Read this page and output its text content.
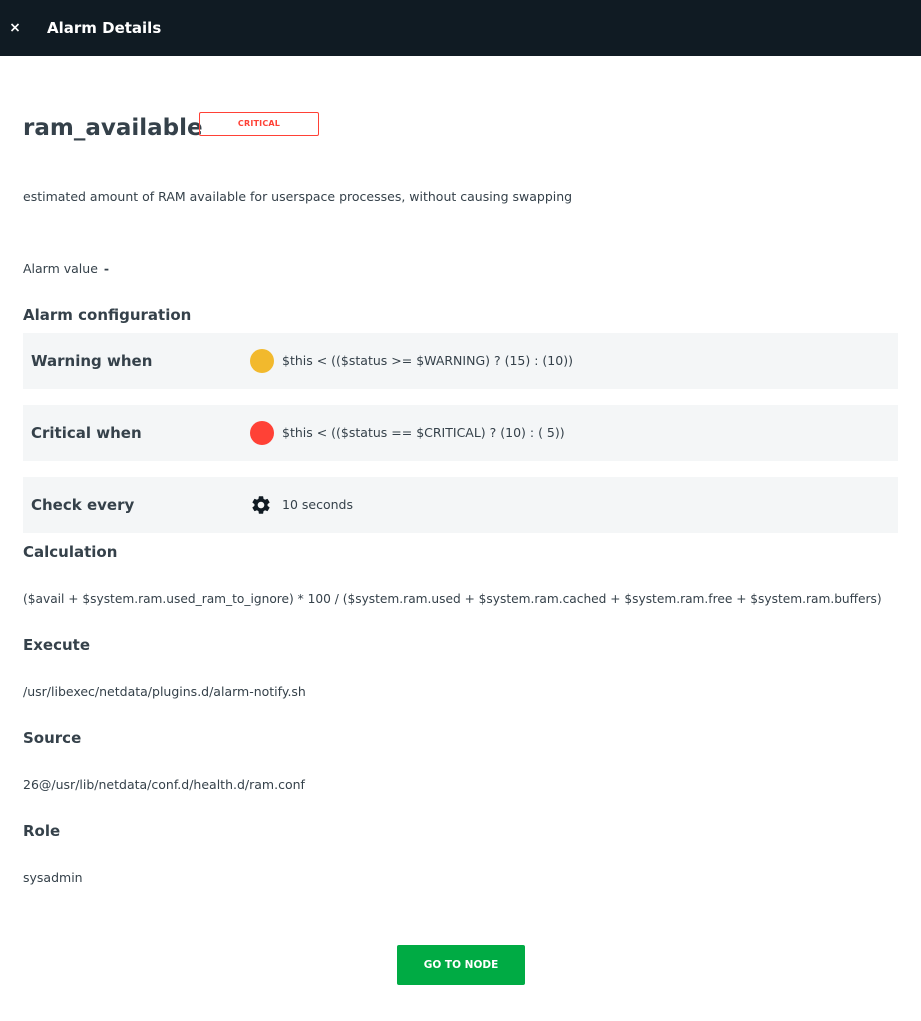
Alarm Details
ram_available	CRITICAL
estimated amount of RAM available for userspace processes, without causing swapping
Alarm value -
Alarm configuration
Warning when	$this < (($status >= $WARNING) ? (15) : (10))
Critical when	$this < (($status == $CRITICAL) ? (10) : ( 5))
Check every	10 seconds
Calculation
($avail + $system.ram.used_ram_to_ignore) * 100 / ($system.ram.used + $system.ram.cached + $system.ram.free + $system.ram.buffers)
Execute
/usr/libexec/netdata/plugins.d/alarm-notify.sh
Source
26@/usr/lib/netdata/conf.d/health.d/ram.conf
Role
sysadmin
GO TO NODE
